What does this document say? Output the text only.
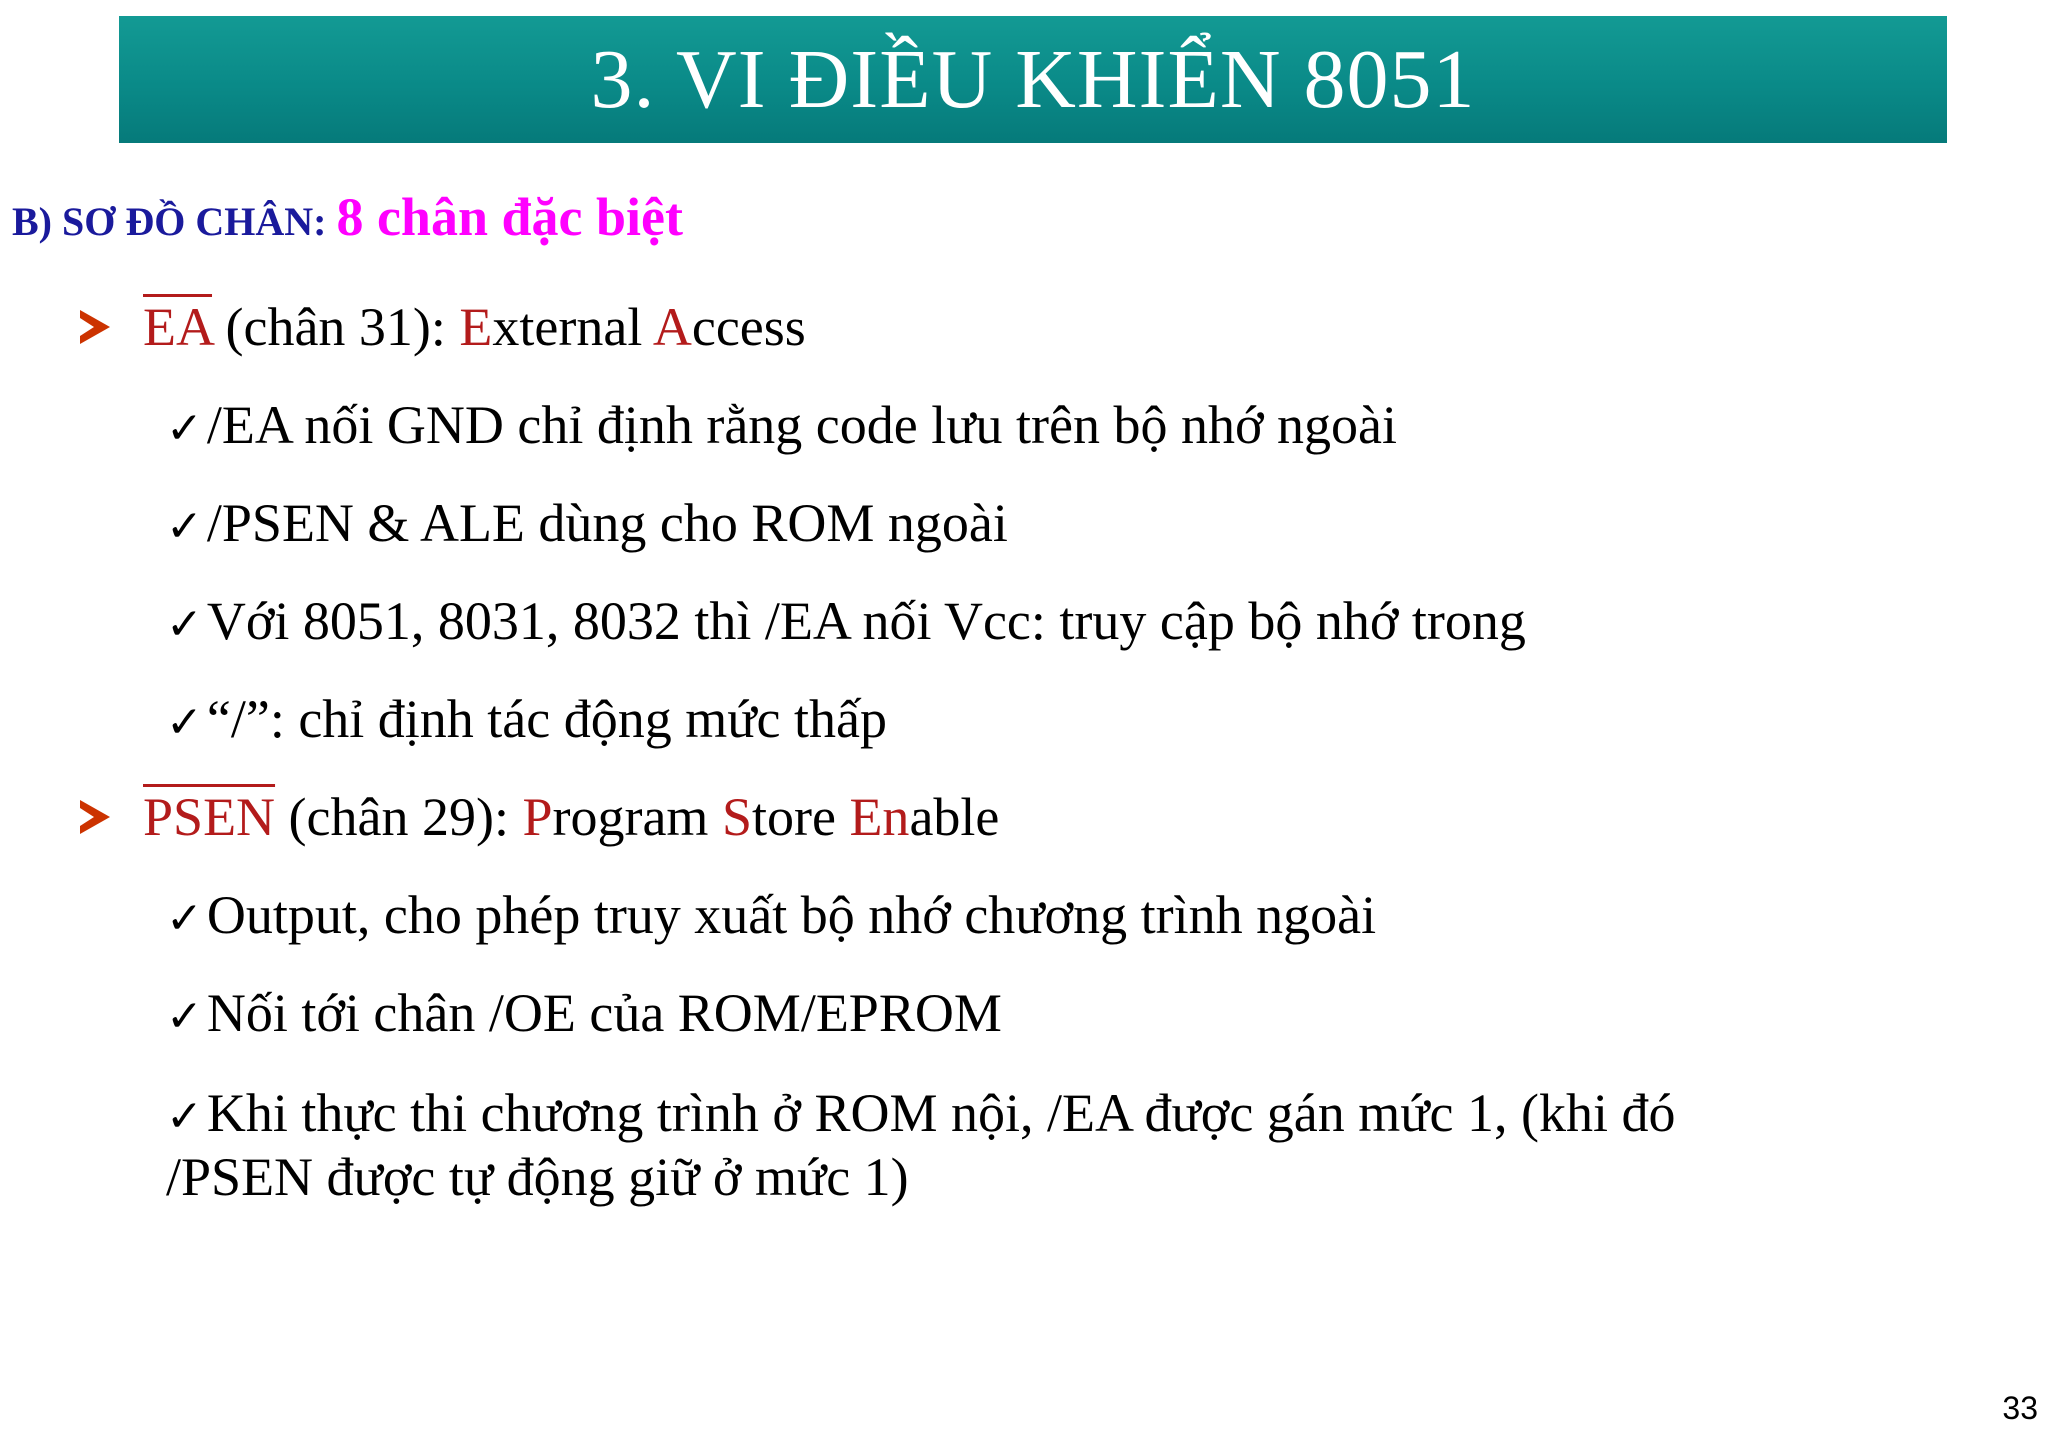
3. VI ĐIỀU KHIỂN 8051
B) SƠ ĐỒ CHÂN: 8 chân đặc biệt
$\overline{EA}$ (chân 31): External Access
✓/EA nối GND chỉ định rằng code lưu trên bộ nhớ ngoài
✓/PSEN & ALE dùng cho ROM ngoài
✓Với 8051, 8031, 8032 thì /EA nối Vcc: truy cập bộ nhớ trong
✓“/”: chỉ định tác động mức thấp
PSEN (chân 29): Program Store Enable
✓Output, cho phép truy xuất bộ nhớ chương trình ngoài
✓Nối tới chân /OE của ROM/EPROM
✓Khi thực thi chương trình ở ROM nội, /EA được gán mức 1, (khi đó
/PSEN được tự động giữ ở mức 1)
33
